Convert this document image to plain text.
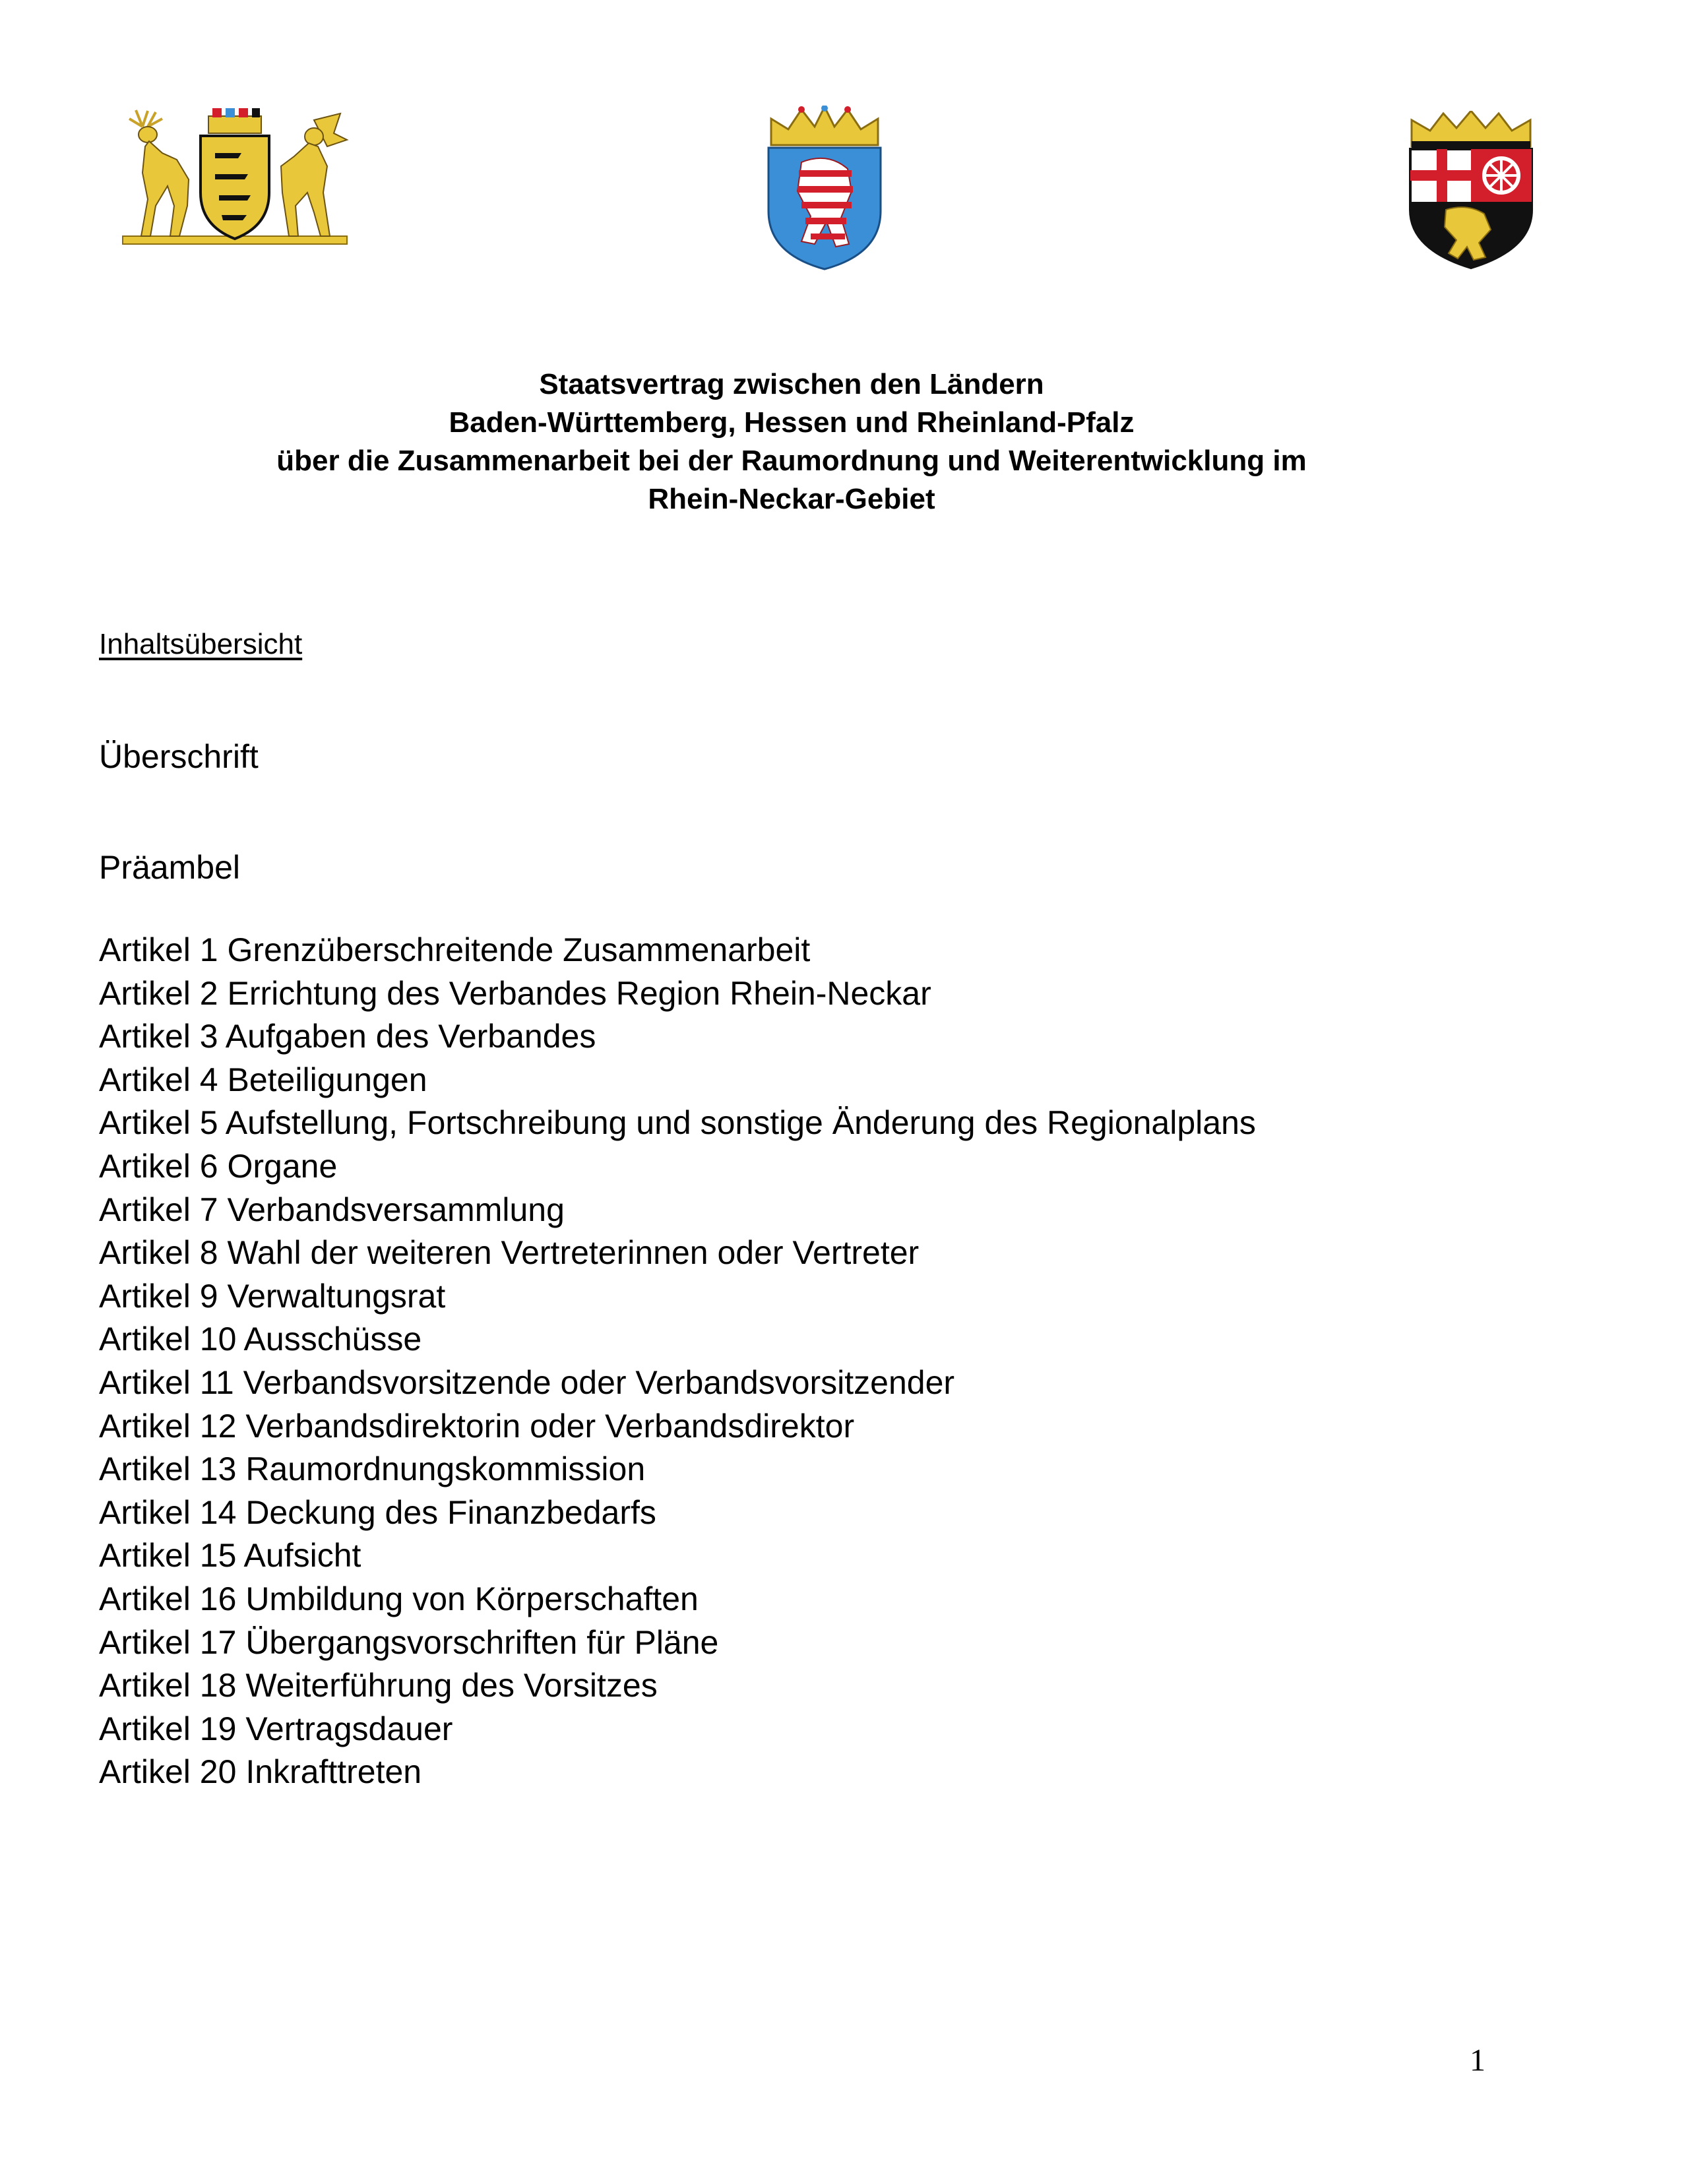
Staatsvertrag zwischen den Ländern
Baden-Württemberg, Hessen und Rheinland-Pfalz
über die Zusammenarbeit bei der Raumordnung und Weiterentwicklung im
Rhein-Neckar-Gebiet
Inhaltsübersicht
Überschrift
Präambel
Artikel 1 Grenzüberschreitende Zusammenarbeit
Artikel 2 Errichtung des Verbandes Region Rhein-Neckar
Artikel 3 Aufgaben des Verbandes
Artikel 4 Beteiligungen
Artikel 5 Aufstellung, Fortschreibung und sonstige Änderung des Regionalplans
Artikel 6 Organe
Artikel 7 Verbandsversammlung
Artikel 8 Wahl der weiteren Vertreterinnen oder Vertreter
Artikel 9 Verwaltungsrat
Artikel 10 Ausschüsse
Artikel 11 Verbandsvorsitzende oder Verbandsvorsitzender
Artikel 12 Verbandsdirektorin oder Verbandsdirektor
Artikel 13 Raumordnungskommission
Artikel 14 Deckung des Finanzbedarfs
Artikel 15 Aufsicht
Artikel 16 Umbildung von Körperschaften
Artikel 17 Übergangsvorschriften für Pläne
Artikel 18 Weiterführung des Vorsitzes
Artikel 19 Vertragsdauer
Artikel 20 Inkrafttreten
1
